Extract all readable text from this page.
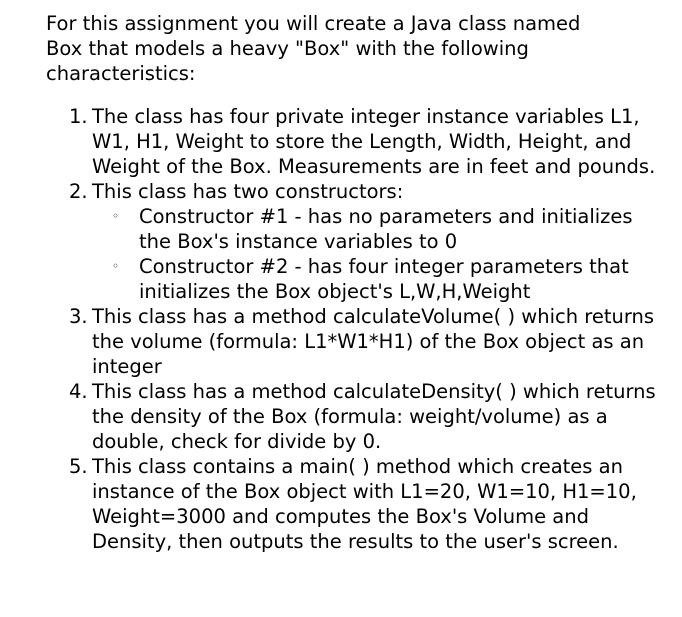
For this assignment you will create a Java class named Box that models a heavy "Box" with the following characteristics:

1. The class has four private integer instance variables L1, W1, H1, Weight to store the Length, Width, Height, and Weight of the Box. Measurements are in feet and pounds.
2. This class has two constructors:
◦ Constructor #1 - has no parameters and initializes the Box's instance variables to 0
◦ Constructor #2 - has four integer parameters that initializes the Box object's L,W,H,Weight
3. This class has a method calculateVolume( ) which returns the volume (formula: L1*W1*H1) of the Box object as an integer
4. This class has a method calculateDensity( ) which returns the density of the Box (formula: weight/volume) as a double, check for divide by 0.
5. This class contains a main( ) method which creates an instance of the Box object with L1=20, W1=10, H1=10, Weight=3000 and computes the Box's Volume and Density, then outputs the results to the user's screen.
